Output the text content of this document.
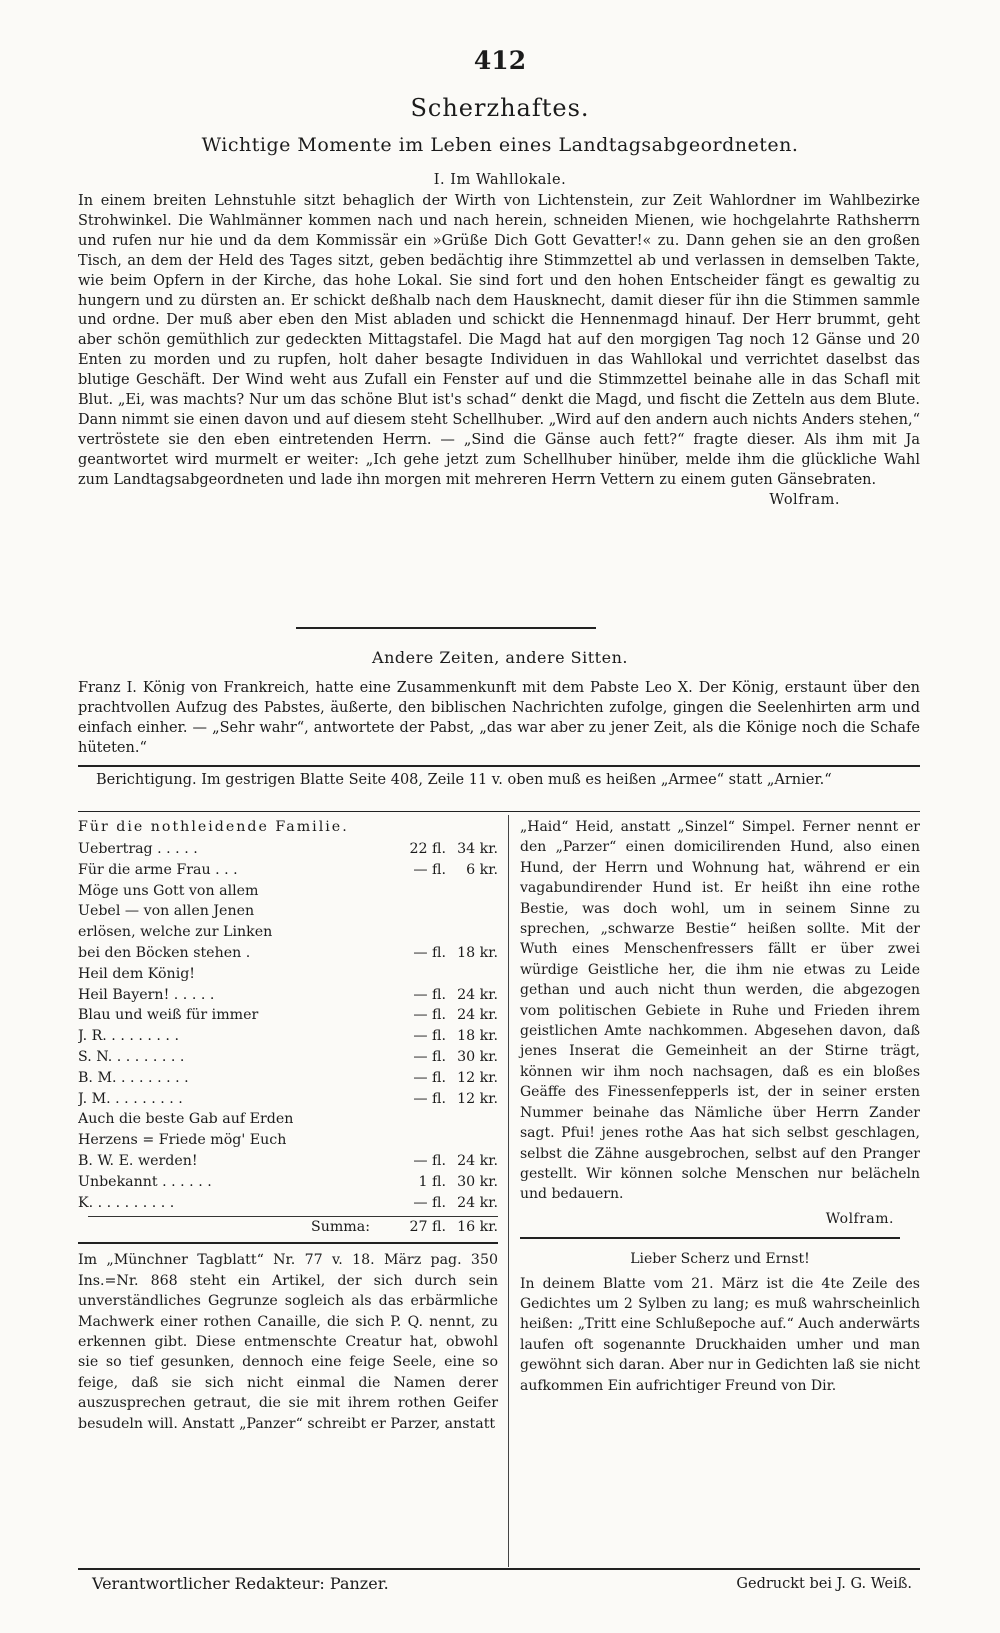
412
Scherzhaftes.
Wichtige Momente im Leben eines Landtagsabgeordneten.
I. Im Wahllokale.
In einem breiten Lehnstuhle sitzt behaglich der Wirth von Lichtenstein, zur Zeit Wahlordner im Wahlbezirke Strohwinkel. Die Wahlmänner kommen nach und nach herein, schneiden Mienen, wie hochgelahrte Rathsherrn und rufen nur hie und da dem Kommissär ein »Grüße Dich Gott Gevatter!« zu. Dann gehen sie an den großen Tisch, an dem der Held des Tages sitzt, geben bedächtig ihre Stimmzettel ab und verlassen in demselben Takte, wie beim Opfern in der Kirche, das hohe Lokal. Sie sind fort und den hohen Entscheider fängt es gewaltig zu hungern und zu dürsten an. Er schickt deßhalb nach dem Hausknecht, damit dieser für ihn die Stimmen sammle und ordne. Der muß aber eben den Mist abladen und schickt die Hennenmagd hinauf. Der Herr brummt, geht aber schön gemüthlich zur gedeckten Mittagstafel. Die Magd hat auf den morgigen Tag noch 12 Gänse und 20 Enten zu morden und zu rupfen, holt daher besagte Individuen in das Wahllokal und verrichtet daselbst das blutige Geschäft. Der Wind weht aus Zufall ein Fenster auf und die Stimmzettel beinahe alle in das Schafl mit Blut. „Ei, was machts? Nur um das schöne Blut ist's schad“ denkt die Magd, und fischt die Zetteln aus dem Blute. Dann nimmt sie einen davon und auf diesem steht Schellhuber. „Wird auf den andern auch nichts Anders stehen,“ vertröstete sie den eben eintretenden Herrn. — „Sind die Gänse auch fett?“ fragte dieser. Als ihm mit Ja geantwortet wird murmelt er weiter: „Ich gehe jetzt zum Schellhuber hinüber, melde ihm die glückliche Wahl zum Landtagsabgeordneten und lade ihn morgen mit mehreren Herrn Vettern zu einem guten Gänsebraten.
Wolfram.
Andere Zeiten, andere Sitten.
Franz I. König von Frankreich, hatte eine Zusammenkunft mit dem Pabste Leo X. Der König, erstaunt über den prachtvollen Aufzug des Pabstes, äußerte, den biblischen Nachrichten zufolge, gingen die Seelenhirten arm und einfach einher. — „Sehr wahr“, antwortete der Pabst, „das war aber zu jener Zeit, als die Könige noch die Schafe hüteten.“
Berichtigung. Im gestrigen Blatte Seite 408, Zeile 11 v. oben muß es heißen „Armee“ statt „Arnier.“
Für die nothleidende Familie.
Uebertrag . . . . .	22 fl. 34 kr.
Für die arme Frau . . .	— fl.	6 kr.
Möge uns Gott von allem
Uebel — von allen Jenen
erlösen, welche zur Linken
bei den Böcken stehen .	— fl. 18 kr.
Heil dem König!
Heil Bayern! . . . . .	— fl. 24 kr.
Blau und weiß für immer	— fl. 24 kr.
J. R. . . . . . . . .	— fl. 18 kr.
S. N. . . . . . . . .	— fl. 30 kr.
B. M. . . . . . . . .	— fl. 12 kr.
J. M. . . . . . . . .	— fl. 12 kr.
Auch die beste Gab auf Erden
Herzens = Friede mög' Euch
B. W. E. werden!	— fl. 24 kr.
Unbekannt . . . . . .	1 fl. 30 kr.
K. . . . . . . . . .	— fl. 24 kr.
Summa:	27 fl. 16 kr.
Im „Münchner Tagblatt“ Nr. 77 v. 18. März pag. 350 Ins.=Nr. 868 steht ein Artikel, der sich durch sein unverständliches Gegrunze sogleich als das erbärmliche Machwerk einer rothen Canaille, die sich P. Q. nennt, zu erkennen gibt. Diese entmenschte Creatur hat, obwohl sie so tief gesunken, dennoch eine feige Seele, eine so feige, daß sie sich nicht einmal die Namen derer auszusprechen getraut, die sie mit ihrem rothen Geifer besudeln will. Anstatt „Panzer“ schreibt er Parzer, anstatt
„Haid“ Heid, anstatt „Sinzel“ Simpel. Ferner nennt er den „Parzer“ einen domicilirenden Hund, also einen Hund, der Herrn und Wohnung hat, während er ein vagabundirender Hund ist. Er heißt ihn eine rothe Bestie, was doch wohl, um in seinem Sinne zu sprechen, „schwarze Bestie“ heißen sollte. Mit der Wuth eines Menschenfressers fällt er über zwei würdige Geistliche her, die ihm nie etwas zu Leide gethan und auch nicht thun werden, die abgezogen vom politischen Gebiete in Ruhe und Frieden ihrem geistlichen Amte nachkommen. Abgesehen davon, daß jenes Inserat die Gemeinheit an der Stirne trägt, können wir ihm noch nachsagen, daß es ein bloßes Geäffe des Finessenfepperls ist, der in seiner ersten Nummer beinahe das Nämliche über Herrn Zander sagt. Pfui! jenes rothe Aas hat sich selbst geschlagen, selbst die Zähne ausgebrochen, selbst auf den Pranger gestellt. Wir können solche Menschen nur belächeln und bedauern.
Wolfram.
Lieber Scherz und Ernst!
In deinem Blatte vom 21. März ist die 4te Zeile des Gedichtes um 2 Sylben zu lang; es muß wahrscheinlich heißen: „Tritt eine Schlußepoche auf.“ Auch anderwärts laufen oft sogenannte Druckhaiden umher und man gewöhnt sich daran. Aber nur in Gedichten laß sie nicht aufkommen Ein aufrichtiger Freund von Dir.
Verantwortlicher Redakteur: Panzer.	Gedruckt bei J. G. Weiß.
